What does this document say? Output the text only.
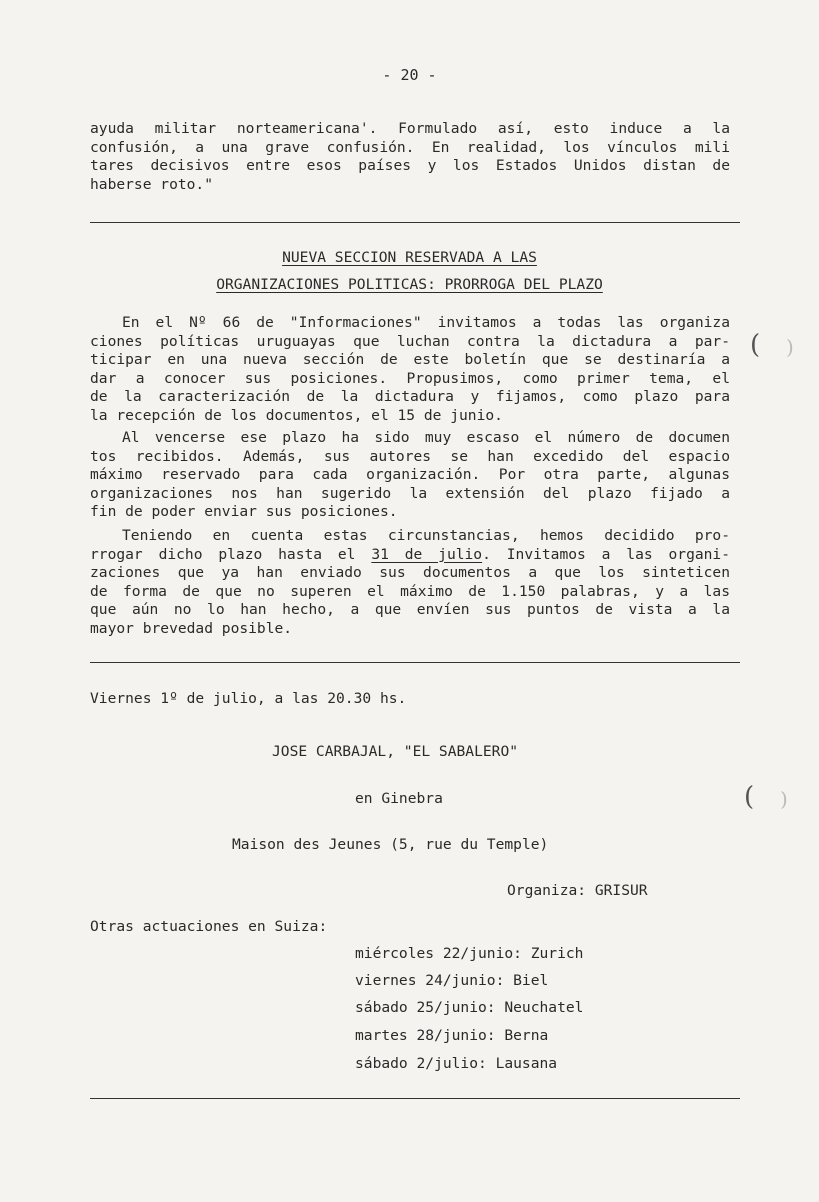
- 20 -
ayuda militar norteamericana'. Formulado así, esto induce a la
confusión, a una grave confusión. En realidad, los vínculos mili
tares decisivos entre esos países y los Estados Unidos distan de
haberse roto."
NUEVA SECCION RESERVADA A LAS
ORGANIZACIONES POLITICAS: PRORROGA DEL PLAZO
En el Nº 66 de "Informaciones" invitamos a todas las organiza
ciones políticas uruguayas que luchan contra la dictadura a par-
ticipar en una nueva sección de este boletín que se destinaría a
dar a conocer sus posiciones. Propusimos, como primer tema, el
de la caracterización de la dictadura y fijamos, como plazo para
la recepción de los documentos, el 15 de junio.
Al vencerse ese plazo ha sido muy escaso el número de documen
tos recibidos. Además, sus autores se han excedido del espacio
máximo reservado para cada organización. Por otra parte, algunas
organizaciones nos han sugerido la extensión del plazo fijado a
fin de poder enviar sus posiciones.
Teniendo en cuenta estas circunstancias, hemos decidido pro-
rrogar dicho plazo hasta el 31 de julio. Invitamos a las organi-
zaciones que ya han enviado sus documentos a que los sinteticen
de forma de que no superen el máximo de 1.150 palabras, y a las
que aún no lo han hecho, a que envíen sus puntos de vista a la
mayor brevedad posible.
Viernes 1º de julio, a las 20.30 hs.
JOSE CARBAJAL, "EL SABALERO"
en Ginebra
Maison des Jeunes (5, rue du Temple)
Organiza: GRISUR
Otras actuaciones en Suiza:
miércoles 22/junio: Zurich
viernes 24/junio: Biel
sábado 25/junio: Neuchatel
martes 28/junio: Berna
sábado 2/julio: Lausana
( )
( )
